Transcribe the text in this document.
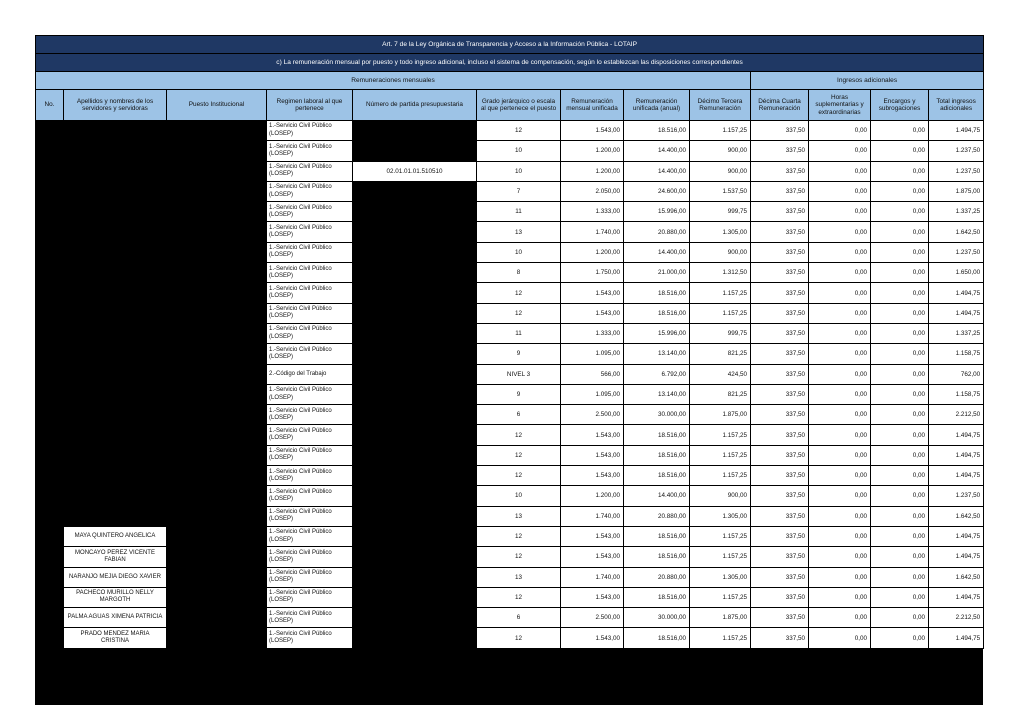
Art. 7 de la Ley Orgánica de Transparencia y Acceso a la Información Pública - LOTAIP												
c) La remuneración mensual por puesto y todo ingreso adicional, incluso el sistema de compensación, según lo establezcan las disposiciones correspondientes												
Remuneraciones mensuales									Ingresos adicionales			
No.	Apellidos y nombres de los servidores y servidoras	Puesto Institucional	Regimen laboral al que pertenece	Número de partida presupuestaria	Grado jerárquico o escala al que pertenece el puesto	Remuneración mensual unificada	Remuneración unificada (anual)	Décimo Tercera Remuneración	Décima Cuarta Remuneración	Horas suplementarias y extraordinarias	Encargos y subrogaciones	Total ingresos adicionales
			1.-Servicio Civil Público (LOSEP)		12	1.543,00	18.516,00	1.157,25	337,50	0,00	0,00	1.494,75
			1.-Servicio Civil Público (LOSEP)		10	1.200,00	14.400,00	900,00	337,50	0,00	0,00	1.237,50
			1.-Servicio Civil Público (LOSEP)	02.01.01.01.510510	10	1.200,00	14.400,00	900,00	337,50	0,00	0,00	1.237,50
			1.-Servicio Civil Público (LOSEP)		7	2.050,00	24.600,00	1.537,50	337,50	0,00	0,00	1.875,00
			1.-Servicio Civil Público (LOSEP)		11	1.333,00	15.996,00	999,75	337,50	0,00	0,00	1.337,25
			1.-Servicio Civil Público (LOSEP)		13	1.740,00	20.880,00	1.305,00	337,50	0,00	0,00	1.642,50
			1.-Servicio Civil Público (LOSEP)		10	1.200,00	14.400,00	900,00	337,50	0,00	0,00	1.237,50
			1.-Servicio Civil Público (LOSEP)		8	1.750,00	21.000,00	1.312,50	337,50	0,00	0,00	1.650,00
			1.-Servicio Civil Público (LOSEP)		12	1.543,00	18.516,00	1.157,25	337,50	0,00	0,00	1.494,75
			1.-Servicio Civil Público (LOSEP)		12	1.543,00	18.516,00	1.157,25	337,50	0,00	0,00	1.494,75
			1.-Servicio Civil Público (LOSEP)		11	1.333,00	15.996,00	999,75	337,50	0,00	0,00	1.337,25
			1.-Servicio Civil Público (LOSEP)		9	1.095,00	13.140,00	821,25	337,50	0,00	0,00	1.158,75
			2.-Código del Trabajo		NIVEL 3	566,00	6.792,00	424,50	337,50	0,00	0,00	762,00
			1.-Servicio Civil Público (LOSEP)		9	1.095,00	13.140,00	821,25	337,50	0,00	0,00	1.158,75
			1.-Servicio Civil Público (LOSEP)		6	2.500,00	30.000,00	1.875,00	337,50	0,00	0,00	2.212,50
			1.-Servicio Civil Público (LOSEP)		12	1.543,00	18.516,00	1.157,25	337,50	0,00	0,00	1.494,75
			1.-Servicio Civil Público (LOSEP)		12	1.543,00	18.516,00	1.157,25	337,50	0,00	0,00	1.494,75
			1.-Servicio Civil Público (LOSEP)		12	1.543,00	18.516,00	1.157,25	337,50	0,00	0,00	1.494,75
			1.-Servicio Civil Público (LOSEP)		10	1.200,00	14.400,00	900,00	337,50	0,00	0,00	1.237,50
			1.-Servicio Civil Público (LOSEP)		13	1.740,00	20.880,00	1.305,00	337,50	0,00	0,00	1.642,50
	MAYA QUINTERO ANGELICA		1.-Servicio Civil Público (LOSEP)		12	1.543,00	18.516,00	1.157,25	337,50	0,00	0,00	1.494,75
	MONCAYO PEREZ VICENTE FABIAN		1.-Servicio Civil Público (LOSEP)		12	1.543,00	18.516,00	1.157,25	337,50	0,00	0,00	1.494,75
	NARANJO MEJIA DIEGO XAVIER		1.-Servicio Civil Público (LOSEP)		13	1.740,00	20.880,00	1.305,00	337,50	0,00	0,00	1.642,50
	PACHECO MURILLO NELLY MARGOTH		1.-Servicio Civil Público (LOSEP)		12	1.543,00	18.516,00	1.157,25	337,50	0,00	0,00	1.494,75
	PALMA AGUAS XIMENA PATRICIA		1.-Servicio Civil Público (LOSEP)		6	2.500,00	30.000,00	1.875,00	337,50	0,00	0,00	2.212,50
	PRADO MENDEZ MARIA CRISTINA		1.-Servicio Civil Público (LOSEP)		12	1.543,00	18.516,00	1.157,25	337,50	0,00	0,00	1.494,75
